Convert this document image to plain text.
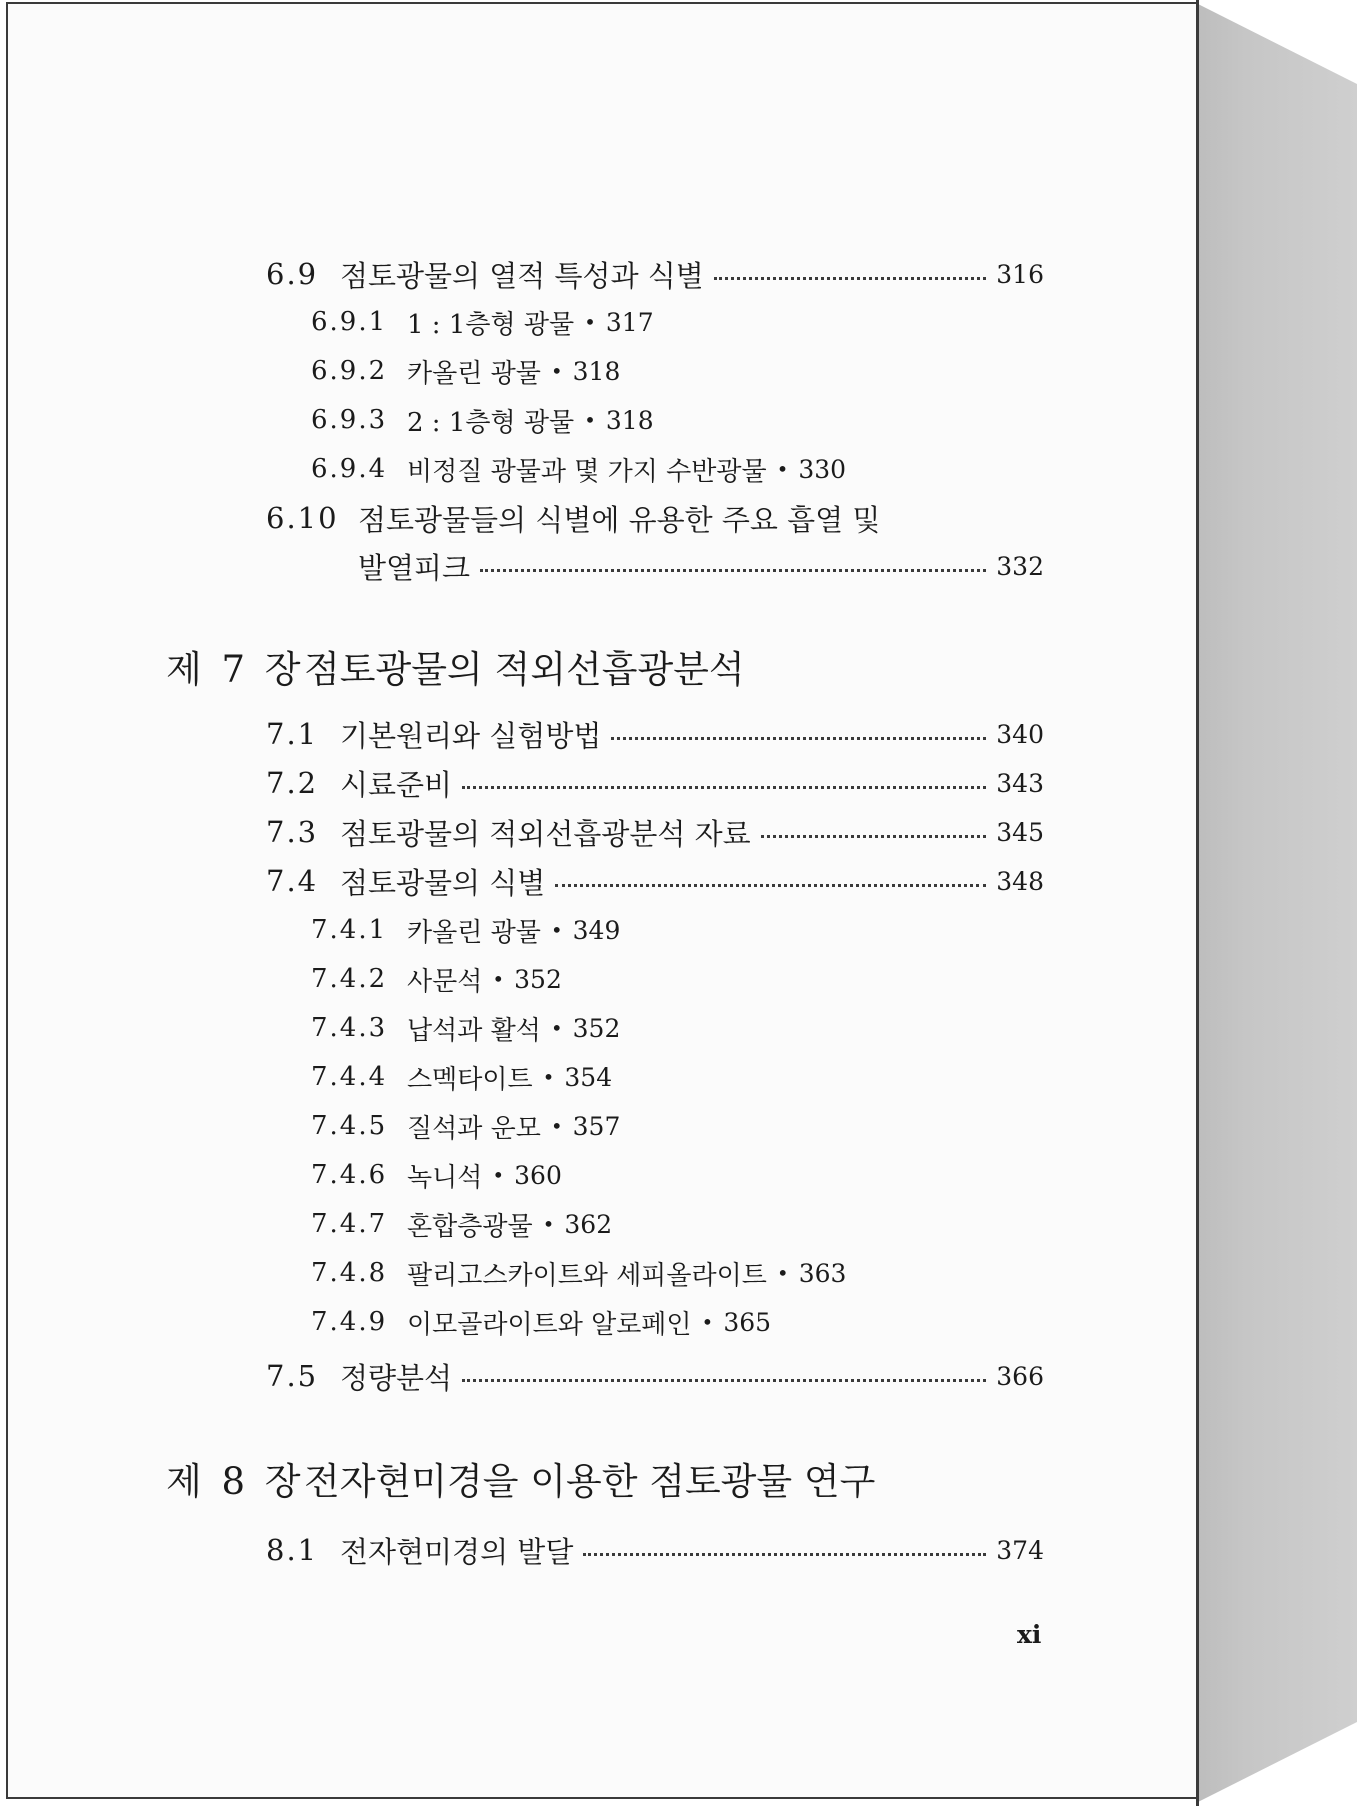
6.9 점토광물의 열적 특성과 식별	316
6.9.1 1 : 1층형 광물 • 317
6.9.2 카올린 광물 • 318
6.9.3 2 : 1층형 광물 • 318
6.9.4 비정질 광물과 몇 가지 수반광물 • 330
6.10 점토광물들의 식별에 유용한 주요 흡열 및
발열피크	332
제 7 장 점토광물의 적외선흡광분석
7.1 기본원리와 실험방법	340
7.2 시료준비	343
7.3 점토광물의 적외선흡광분석 자료	345
7.4 점토광물의 식별	348
7.4.1 카올린 광물 • 349
7.4.2 사문석 • 352
7.4.3 납석과 활석 • 352
7.4.4 스멕타이트 • 354
7.4.5 질석과 운모 • 357
7.4.6 녹니석 • 360
7.4.7 혼합층광물 • 362
7.4.8 팔리고스카이트와 세피올라이트 • 363
7.4.9 이모골라이트와 알로페인 • 365
7.5 정량분석	366
제 8 장 전자현미경을 이용한 점토광물 연구
8.1 전자현미경의 발달	374
xi
